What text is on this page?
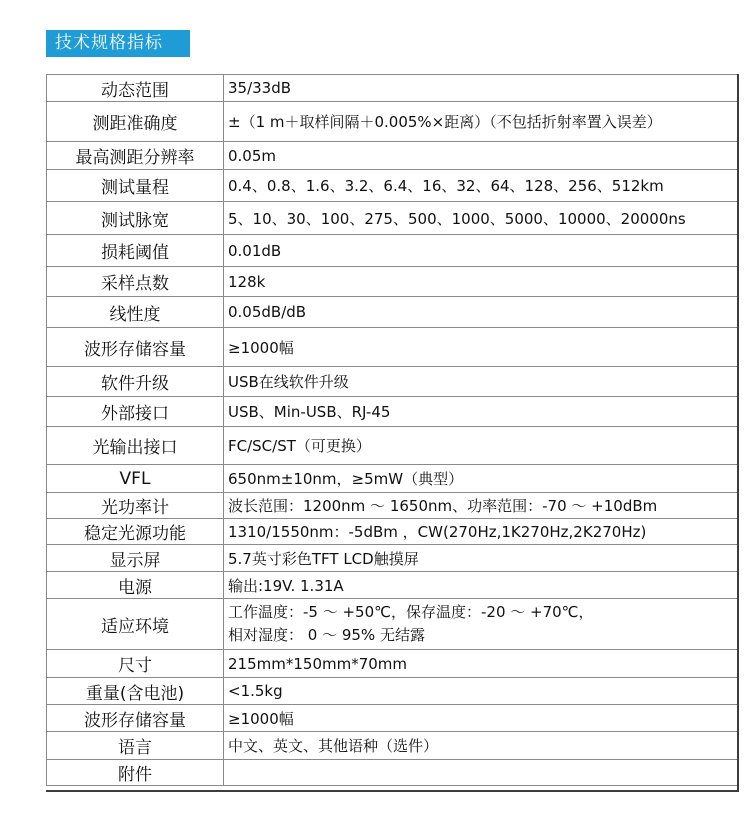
技术规格指标
动态范围	35/33dB
测距准确度	±（1 m＋取样间隔＋0.005%×距离）（不包括折射率置入误差）
最高测距分辨率	0.05m
测试量程	0.4、0.8、1.6、3.2、6.4、16、32、64、128、256、512km
测试脉宽	5、10、30、100、275、500、1000、5000、10000、20000ns
损耗阈值	0.01dB
采样点数	128k
线性度	0.05dB/dB
波形存储容量	≥1000幅
软件升级	USB在线软件升级
外部接口	USB、Min-USB、RJ-45
光输出接口	FC/SC/ST（可更换）
VFL	650nm±10nm，≥5mW（典型）
光功率计	波长范围：1200nm ～ 1650nm、功率范围：-70 ～ +10dBm
稳定光源功能	1310/1550nm：-5dBm ，CW(270Hz,1K270Hz,2K270Hz)
显示屏	5.7英寸彩色TFT LCD触摸屏
电源	输出:19V. 1.31A
适应环境	工作温度：-5 ～ +50℃，保存温度：-20 ～ +70℃，
相对湿度： 0 ～ 95% 无结露

尺寸	215mm*150mm*70mm
重量(含电池)	<1.5kg
波形存储容量	≥1000幅
语言	中文、英文、其他语种（选件）
附件	
